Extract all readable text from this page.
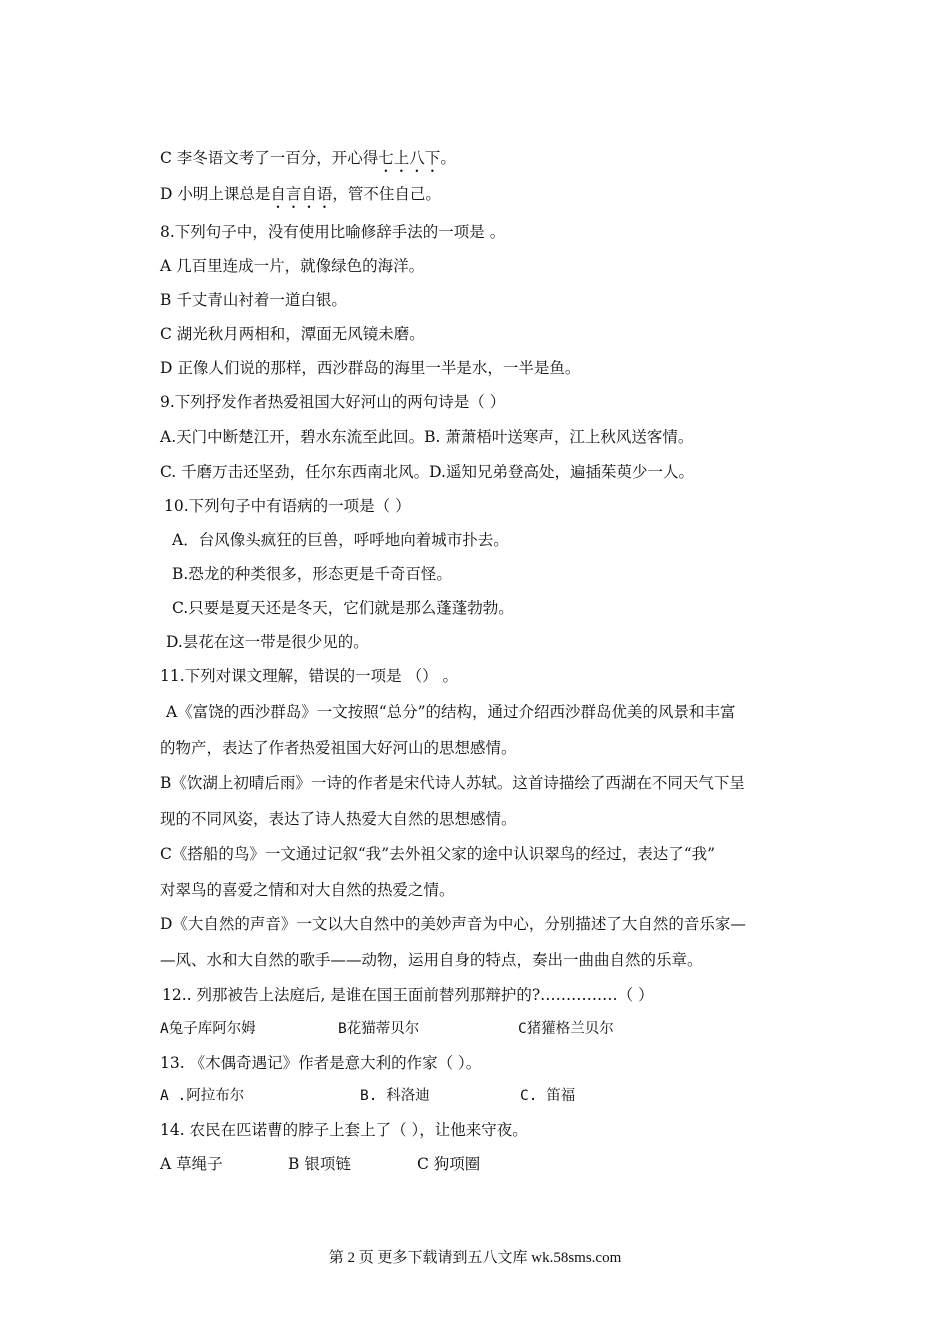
C 李冬语文考了一百分，开心得七上八下。
D 小明上课总是自言自语，管不住自己。
8.下列句子中，没有使用比喻修辞手法的一项是 。
A 几百里连成一片，就像绿色的海洋。
B 千丈青山衬着一道白银。
C 湖光秋月两相和，潭面无风镜未磨。
D 正像人们说的那样，西沙群岛的海里一半是水，一半是鱼。
9.下列抒发作者热爱祖国大好河山的两句诗是（ ）
A.天门中断楚江开，碧水东流至此回。B. 萧萧梧叶送寒声，江上秋风送客情。
C. 千磨万击还坚劲，任尔东西南北风。D.遥知兄弟登高处，遍插茱萸少一人。
10.下列句子中有语病的一项是（ ）
A．台风像头疯狂的巨兽，呼呼地向着城市扑去。
B.恐龙的种类很多，形态更是千奇百怪。
C.只要是夏天还是冬天，它们就是那么蓬蓬勃勃。
D.昙花在这一带是很少见的。
11.下列对课文理解，错误的一项是 （） 。
A《富饶的西沙群岛》一文按照“总分”的结构，通过介绍西沙群岛优美的风景和丰富
的物产，表达了作者热爱祖国大好河山的思想感情。
B《饮湖上初晴后雨》一诗的作者是宋代诗人苏轼。这首诗描绘了西湖在不同天气下呈
现的不同风姿，表达了诗人热爱大自然的思想感情。
C《搭船的鸟》一文通过记叙“我”去外祖父家的途中认识翠鸟的经过，表达了“我”
对翠鸟的喜爱之情和对大自然的热爱之情。
D《大自然的声音》一文以大自然中的美妙声音为中心，分别描述了大自然的音乐家—
—风、水和大自然的歌手——动物，运用自身的特点，奏出一曲曲自然的乐章。
12.. 列那被告上法庭后, 是谁在国王面前替列那辩护的?……………（ ）
A兔子库阿尔姆	B花猫蒂贝尔	C猪獾格兰贝尔
13. 《木偶奇遇记》作者是意大利的作家（ ）。
A .阿拉布尔	B. 科洛迪	C. 笛福
14. 农民在匹诺曹的脖子上套上了（ ），让他来守夜。
A 草绳子	B 银项链	C 狗项圈
第 2 页 更多下载请到五八文库 wk.58sms.com
